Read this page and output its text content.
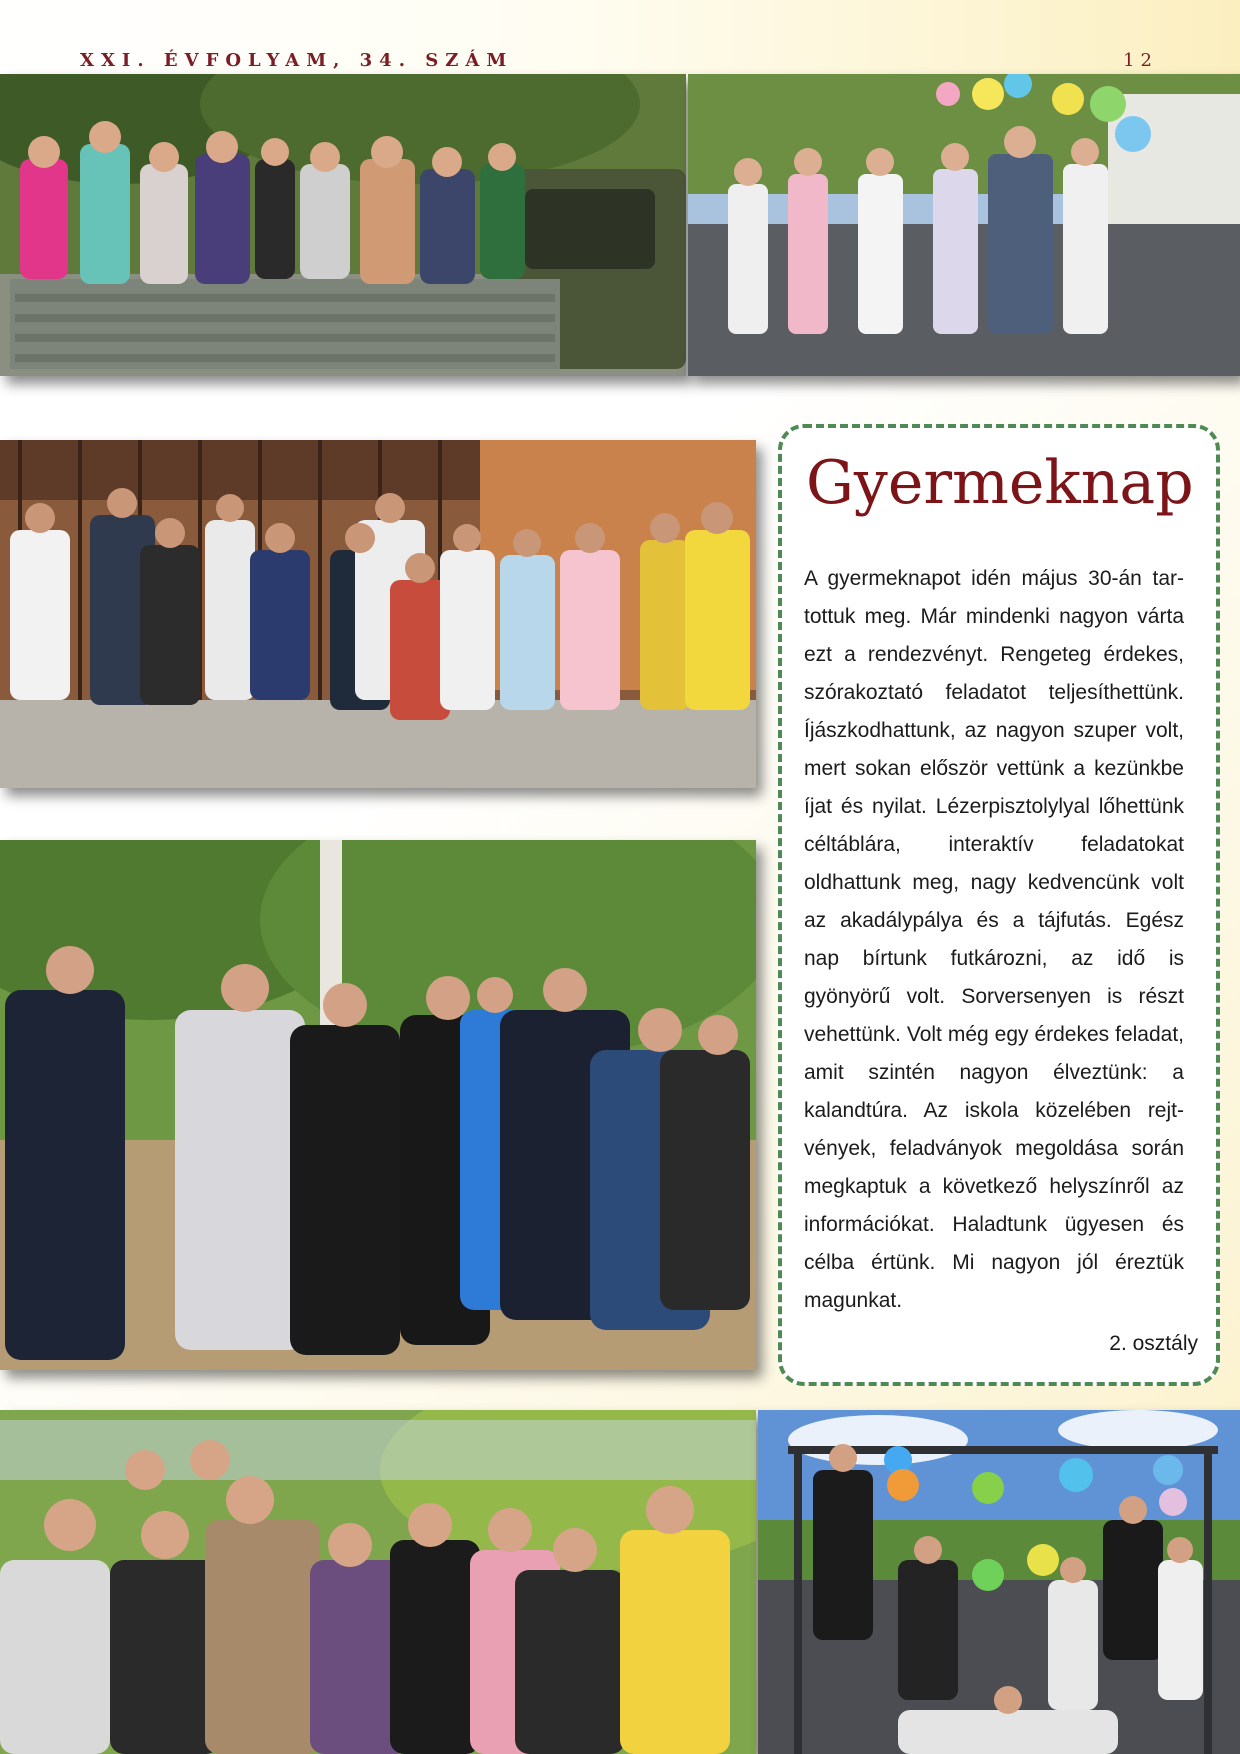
XXI. ÉVFOLYAM, 34. SZÁM	12
Gyermeknap

A gyermeknapot idén május 30-án tartottuk meg. Már mindenki nagyon várta ezt a rendezvényt. Rengeteg érdekes, szórakoztató feladatot teljesíthettünk. Íjászkodhattunk, az nagyon szuper volt, mert sokan először vettünk a kezünkbe íjat és nyilat. Lézerpisztolylyal lőhettünk céltáblára, interaktív feladatokat oldhattunk meg, nagy kedvencünk volt az akadálypálya és a tájfutás. Egész nap bírtunk futkározni, az idő is gyönyörű volt. Sorversenyen is részt vehettünk. Volt még egy érdekes feladat, amit szintén nagyon élveztünk: a kalandtúra. Az iskola közelében rejtvények, feladványok megoldása során megkaptuk a következő helyszínről az információkat. Haladtunk ügyesen és célba értünk. Mi nagyon jól éreztük magunkat.

2. osztály
